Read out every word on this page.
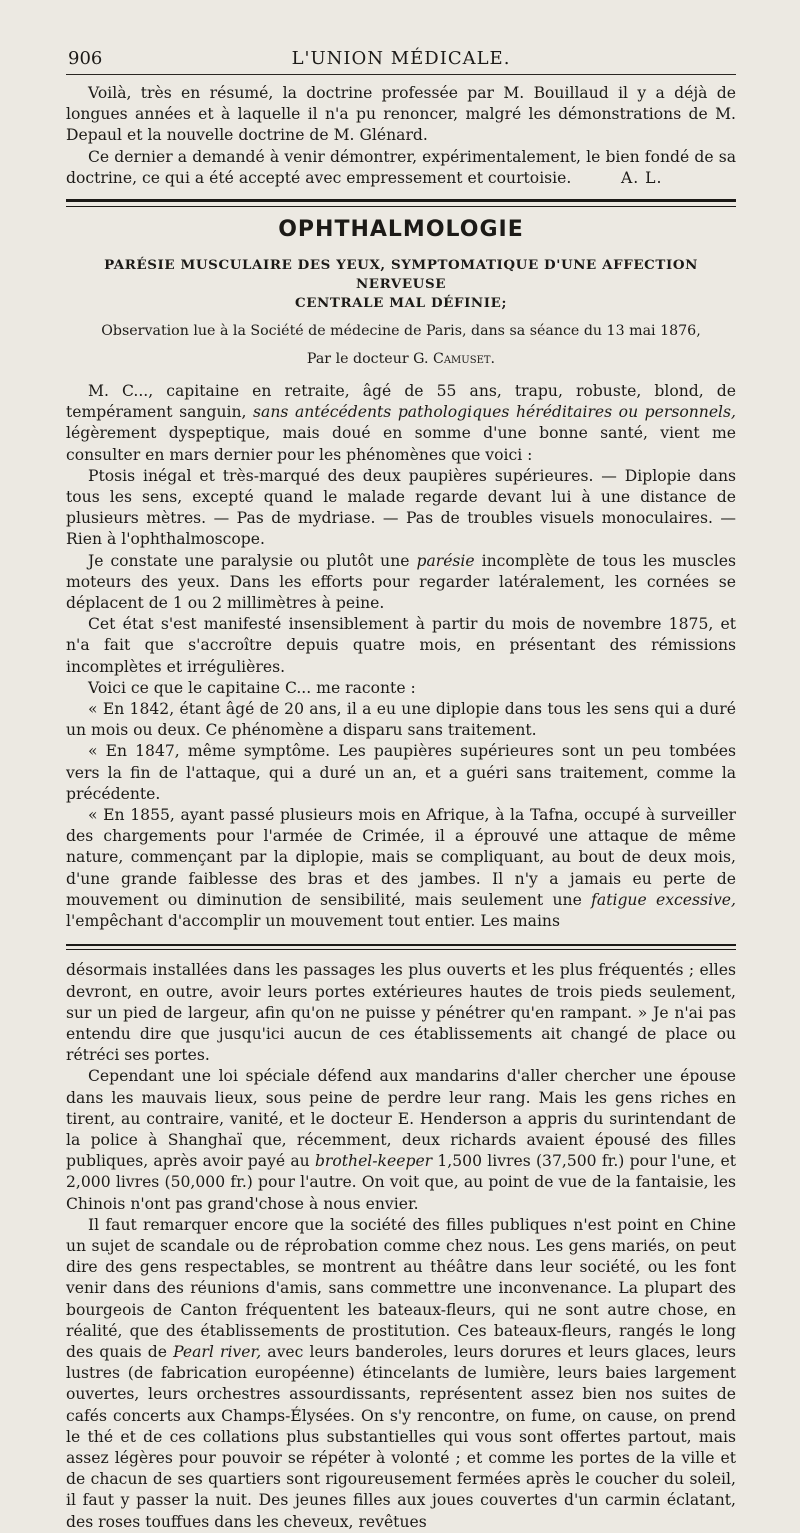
906	L'UNION MÉDICALE.

Voilà, très en résumé, la doctrine professée par M. Bouillaud il y a déjà de longues années et à laquelle il n'a pu renoncer, malgré les démonstrations de M. Depaul et la nouvelle doctrine de M. Glénard.

Ce dernier a demandé à venir démontrer, expérimentalement, le bien fondé de sa doctrine, ce qui a été accepté avec empressement et courtoisie.	A. L.

OPHTHALMOLOGIE
PARÉSIE MUSCULAIRE DES YEUX, SYMPTOMATIQUE D'UNE AFFECTION NERVEUSE
CENTRALE MAL DÉFINIE;
Observation lue à la Société de médecine de Paris, dans sa séance du 13 mai 1876,
Par le docteur G. Camuset.

M. C..., capitaine en retraite, âgé de 55 ans, trapu, robuste, blond, de tempérament sanguin, sans antécédents pathologiques héréditaires ou personnels, légèrement dyspeptique, mais doué en somme d'une bonne santé, vient me consulter en mars dernier pour les phénomènes que voici :

Ptosis inégal et très-marqué des deux paupières supérieures. — Diplopie dans tous les sens, excepté quand le malade regarde devant lui à une distance de plusieurs mètres. — Pas de mydriase. — Pas de troubles visuels monoculaires. — Rien à l'ophthalmoscope.

Je constate une paralysie ou plutôt une parésie incomplète de tous les muscles moteurs des yeux. Dans les efforts pour regarder latéralement, les cornées se déplacent de 1 ou 2 millimètres à peine.

Cet état s'est manifesté insensiblement à partir du mois de novembre 1875, et n'a fait que s'accroître depuis quatre mois, en présentant des rémissions incomplètes et irrégulières.

Voici ce que le capitaine C... me raconte :

« En 1842, étant âgé de 20 ans, il a eu une diplopie dans tous les sens qui a duré un mois ou deux. Ce phénomène a disparu sans traitement.

« En 1847, même symptôme. Les paupières supérieures sont un peu tombées vers la fin de l'attaque, qui a duré un an, et a guéri sans traitement, comme la précédente.

« En 1855, ayant passé plusieurs mois en Afrique, à la Tafna, occupé à surveiller des chargements pour l'armée de Crimée, il a éprouvé une attaque de même nature, commençant par la diplopie, mais se compliquant, au bout de deux mois, d'une grande faiblesse des bras et des jambes. Il n'y a jamais eu perte de mouvement ou diminution de sensibilité, mais seulement une fatigue excessive, l'empêchant d'accomplir un mouvement tout entier. Les mains

désormais installées dans les passages les plus ouverts et les plus fréquentés ; elles devront, en outre, avoir leurs portes extérieures hautes de trois pieds seulement, sur un pied de largeur, afin qu'on ne puisse y pénétrer qu'en rampant. » Je n'ai pas entendu dire que jusqu'ici aucun de ces établissements ait changé de place ou rétréci ses portes.

Cependant une loi spéciale défend aux mandarins d'aller chercher une épouse dans les mauvais lieux, sous peine de perdre leur rang. Mais les gens riches en tirent, au contraire, vanité, et le docteur E. Henderson a appris du surintendant de la police à Shanghaï que, récemment, deux richards avaient épousé des filles publiques, après avoir payé au brothel-keeper 1,500 livres (37,500 fr.) pour l'une, et 2,000 livres (50,000 fr.) pour l'autre. On voit que, au point de vue de la fantaisie, les Chinois n'ont pas grand'chose à nous envier.

Il faut remarquer encore que la société des filles publiques n'est point en Chine un sujet de scandale ou de réprobation comme chez nous. Les gens mariés, on peut dire des gens respectables, se montrent au théâtre dans leur société, ou les font venir dans des réunions d'amis, sans commettre une inconvenance. La plupart des bourgeois de Canton fréquentent les bateaux-fleurs, qui ne sont autre chose, en réalité, que des établissements de prostitution. Ces bateaux-fleurs, rangés le long des quais de Pearl river, avec leurs banderoles, leurs dorures et leurs glaces, leurs lustres (de fabrication européenne) étincelants de lumière, leurs baies largement ouvertes, leurs orchestres assourdissants, représentent assez bien nos suites de cafés concerts aux Champs-Élysées. On s'y rencontre, on fume, on cause, on prend le thé et de ces collations plus substantielles qui vous sont offertes partout, mais assez légères pour pouvoir se répéter à volonté ; et comme les portes de la ville et de chacun de ses quartiers sont rigoureusement fermées après le coucher du soleil, il faut y passer la nuit. Des jeunes filles aux joues couvertes d'un carmin éclatant, des roses touffues dans les cheveux, revêtues
